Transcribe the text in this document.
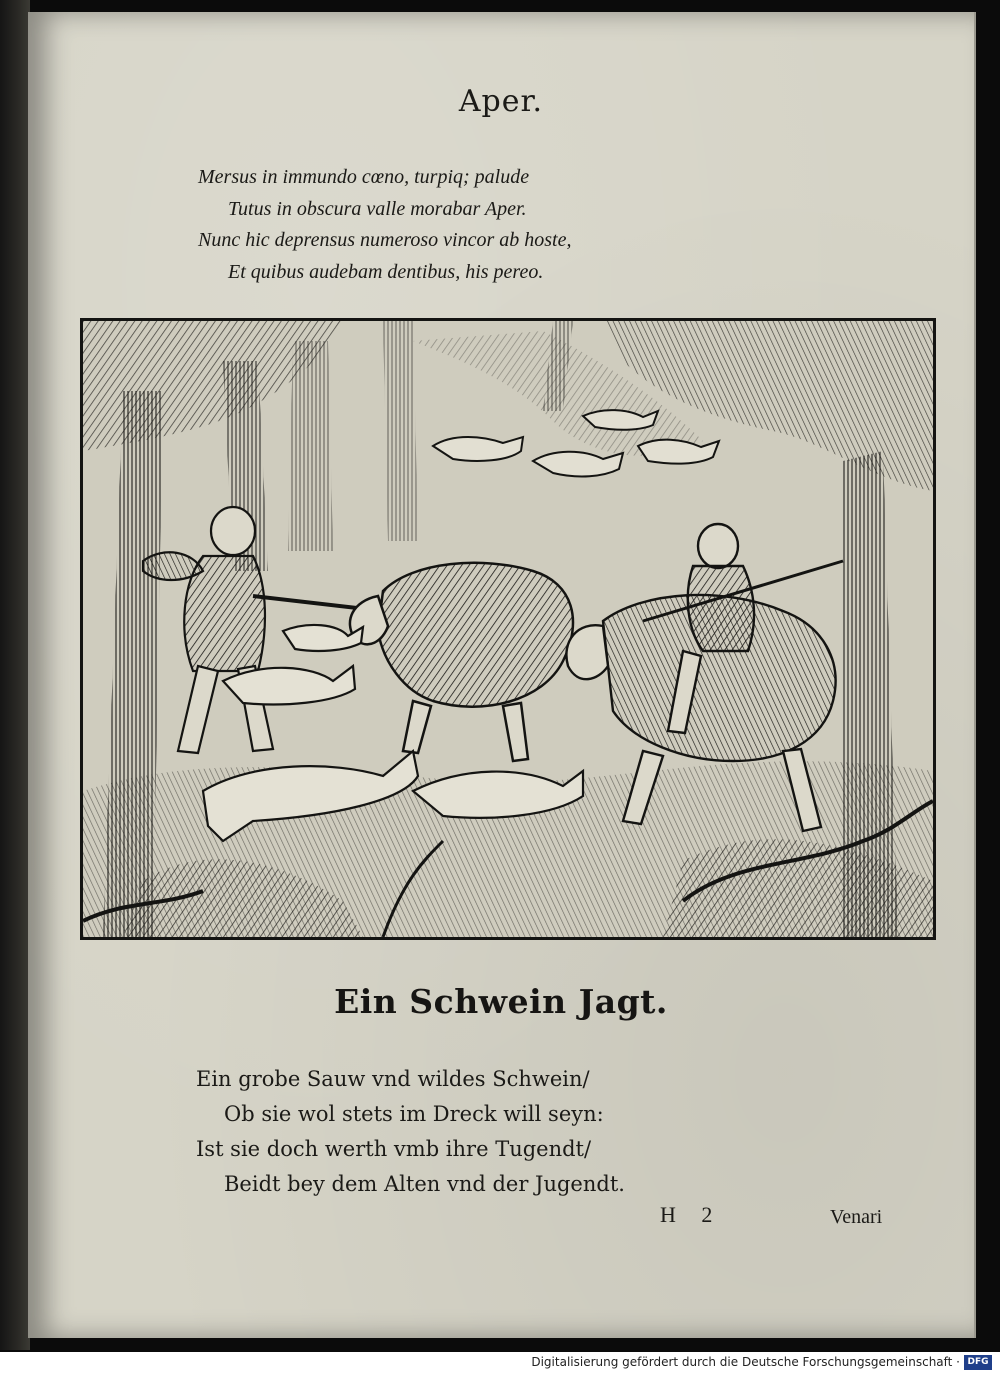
Aper.
Mersus in immundo cœno, turpiq; palude
Tutus in obscura valle morabar Aper.
Nunc hic deprensus numeroso vincor ab hoste,
Et quibus audebam dentibus, his pereo.
Ein Schwein Jagt.
Ein grobe Sauw vnd wildes Schwein/
Ob sie wol stets im Dreck will seyn:
Ist sie doch werth vmb ihre Tugendt/
Beidt bey dem Alten vnd der Jugendt.
H 2	Venari
Digitalisierung gefördert durch die Deutsche Forschungsgemeinschaft · DFG
